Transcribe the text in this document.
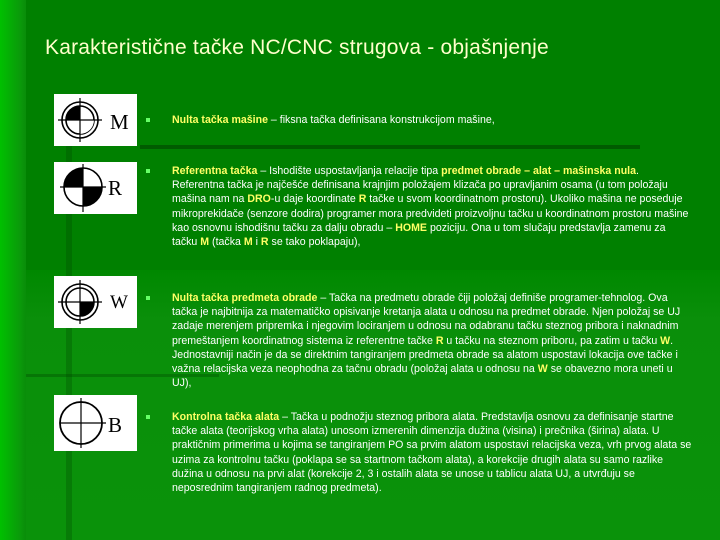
Karakteristične tačke NC/CNC strugova - objašnjenje
M	Nulta tačka mašine – fiksna tačka definisana konstrukcijom mašine,
R
Referentna tačka – Ishodište uspostavljanja relacije tipa predmet obrade – alat – mašinska nula. Referentna tačka je najčešće definisana krajnjim položajem klizača po upravljanim osama (u tom položaju mašina nam na DRO-u daje koordinate R tačke u svom koordinatnom prostoru). Ukoliko mašina ne poseduje mikroprekidače (senzore dodira) programer mora predvideti proizvoljnu tačku u koordinatnom prostoru mašine kao osnovnu ishodišnu tačku za dalju obradu – HOME poziciju. Ona u tom slučaju predstavlja zamenu za tačku M (tačka M i R se tako poklapaju),
W	Nulta tačka predmeta obrade – Tačka na predmetu obrade čiji položaj definiše programer-tehnolog. Ova tačka je najbitnija za matematičko opisivanje kretanja alata u odnosu na predmet obrade. Njen položaj se UJ zadaje merenjem pripremka i njegovim lociranjem u odnosu na odabranu tačku steznog pribora i naknadnim premeštanjem koordinatnog sistema iz referentne tačke R u tačku na steznom priboru, pa zatim u tačku W. Jednostavniji način je da se direktnim tangiranjem predmeta obrade sa alatom uspostavi lokacija ove tačke i važna relacijska veza neophodna za tačnu obradu (položaj alata u odnosu na W se obavezno mora uneti u UJ),
B	Kontrolna tačka alata – Tačka u podnožju steznog pribora alata. Predstavlja osnovu za definisanje startne tačke alata (teorijskog vrha alata) unosom izmerenih dimenzija dužina (visina) i prečnika (širina) alata. U praktičnim primerima u kojima se tangiranjem PO sa prvim alatom uspostavi relacijska veza, vrh prvog alata se uzima za kontrolnu tačku (poklapa se sa startnom tačkom alata), a korekcije drugih alata su samo razlike dužina u odnosu na prvi alat (korekcije 2, 3 i ostalih alata se unose u tablicu alata UJ, a utvrđuju se neposrednim tangiranjem radnog predmeta).
